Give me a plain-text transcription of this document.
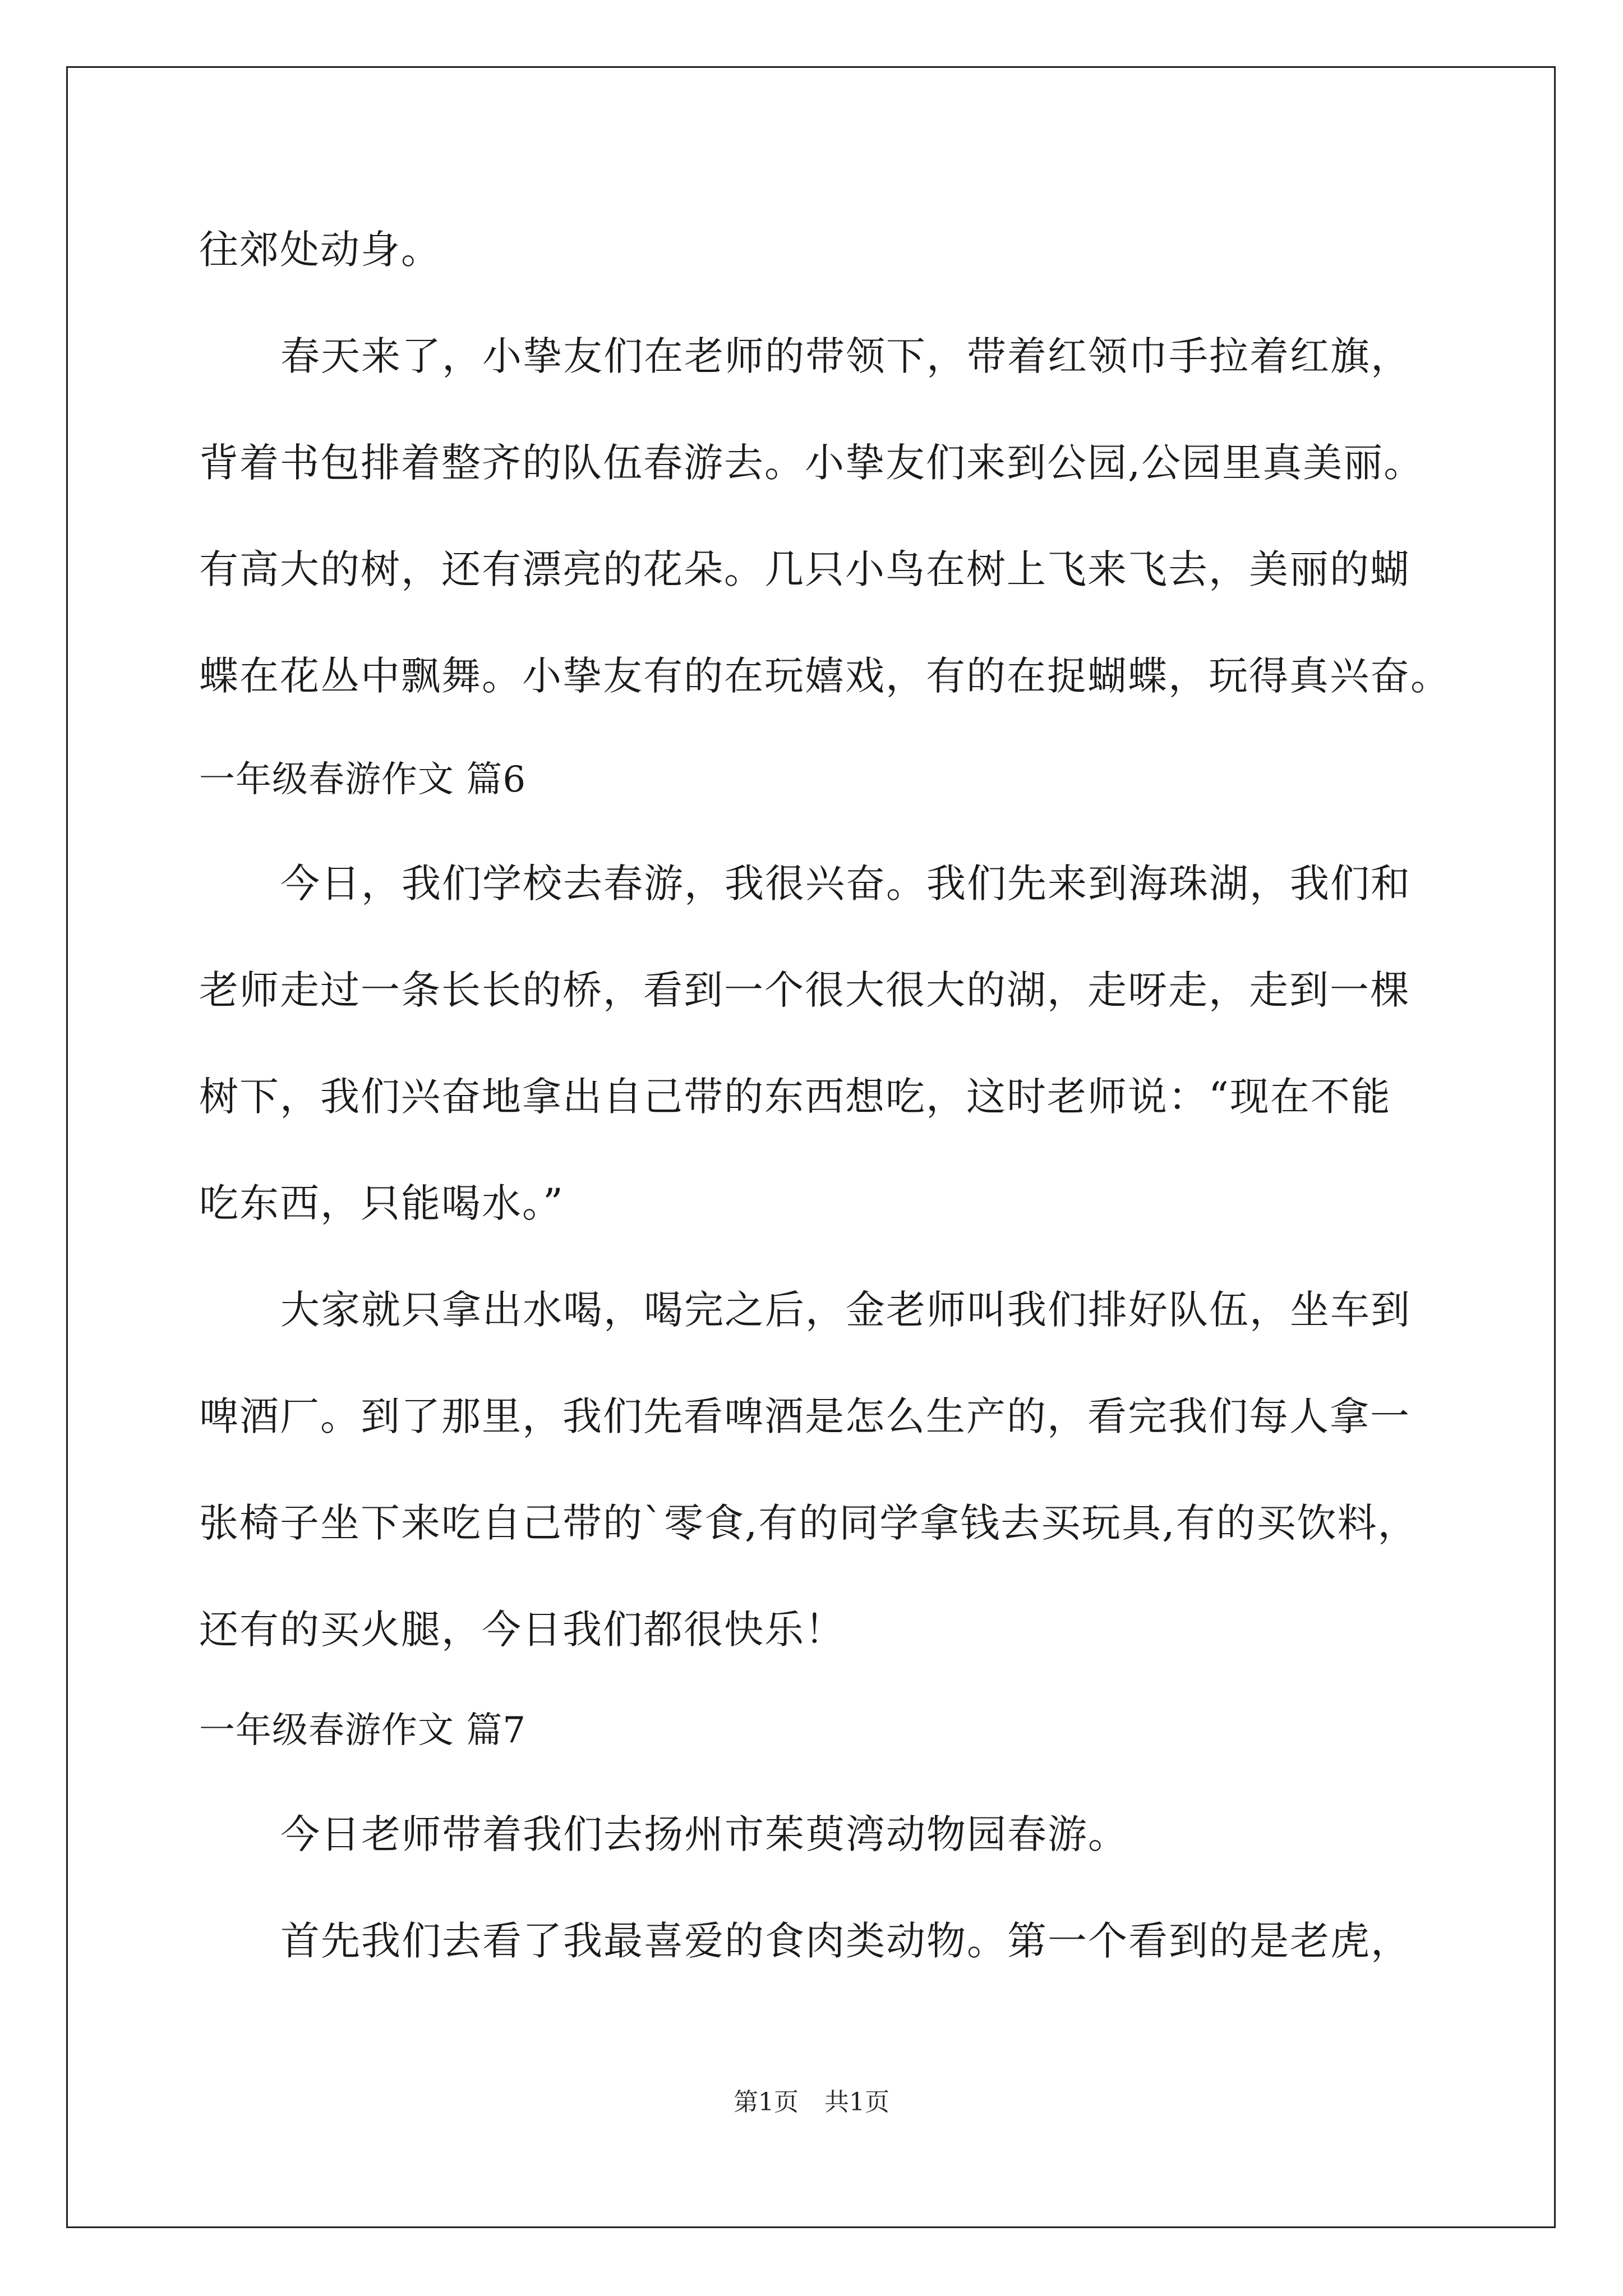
往郊处动身。
春天来了，小挚友们在老师的带领下，带着红领巾手拉着红旗，
背着书包排着整齐的队伍春游去。小挚友们来到公园,公园里真美丽。
有高大的树，还有漂亮的花朵。几只小鸟在树上飞来飞去，美丽的蝴
蝶在花丛中飘舞。小挚友有的在玩嬉戏，有的在捉蝴蝶，玩得真兴奋。
一年级春游作文 篇6
今日，我们学校去春游，我很兴奋。我们先来到海珠湖，我们和
老师走过一条长长的桥，看到一个很大很大的湖，走呀走，走到一棵
树下，我们兴奋地拿出自己带的东西想吃，这时老师说：“现在不能
吃东西，只能喝水。”
大家就只拿出水喝，喝完之后，金老师叫我们排好队伍，坐车到
啤酒厂。到了那里，我们先看啤酒是怎么生产的，看完我们每人拿一
张椅子坐下来吃自己带的`零食,有的同学拿钱去买玩具,有的买饮料，
还有的买火腿，今日我们都很快乐！
一年级春游作文 篇7
今日老师带着我们去扬州市茱萸湾动物园春游。
首先我们去看了我最喜爱的食肉类动物。第一个看到的是老虎，
第1页 共1页
